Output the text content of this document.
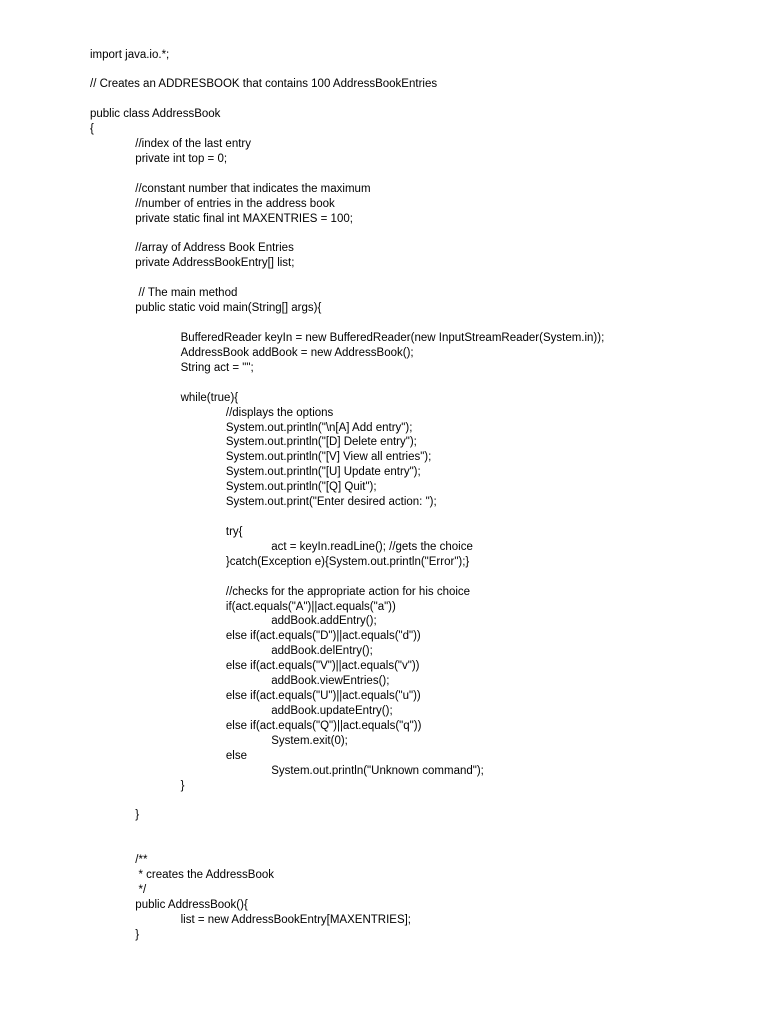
import java.io.*;
// Creates an ADDRESBOOK that contains 100 AddressBookEntries
public class AddressBook
{
//index of the last entry
private int top = 0;
//constant number that indicates the maximum
//number of entries in the address book
private static final int MAXENTRIES = 100;
//array of Address Book Entries
private AddressBookEntry[] list;
// The main method
public static void main(String[] args){
BufferedReader keyIn = new BufferedReader(new InputStreamReader(System.in));
AddressBook addBook = new AddressBook();
String act = "";
while(true){
//displays the options
System.out.println("\n[A] Add entry");
System.out.println("[D] Delete entry");
System.out.println("[V] View all entries");
System.out.println("[U] Update entry");
System.out.println("[Q] Quit");
System.out.print("Enter desired action: ");
try{
act = keyIn.readLine(); //gets the choice
}catch(Exception e){System.out.println("Error");}
//checks for the appropriate action for his choice
if(act.equals("A")||act.equals("a"))
addBook.addEntry();
else if(act.equals("D")||act.equals("d"))
addBook.delEntry();
else if(act.equals("V")||act.equals("v"))
addBook.viewEntries();
else if(act.equals("U")||act.equals("u"))
addBook.updateEntry();
else if(act.equals("Q")||act.equals("q"))
System.exit(0);
else
System.out.println("Unknown command");
}
}
/**
* creates the AddressBook
*/
public AddressBook(){
list = new AddressBookEntry[MAXENTRIES];
}
